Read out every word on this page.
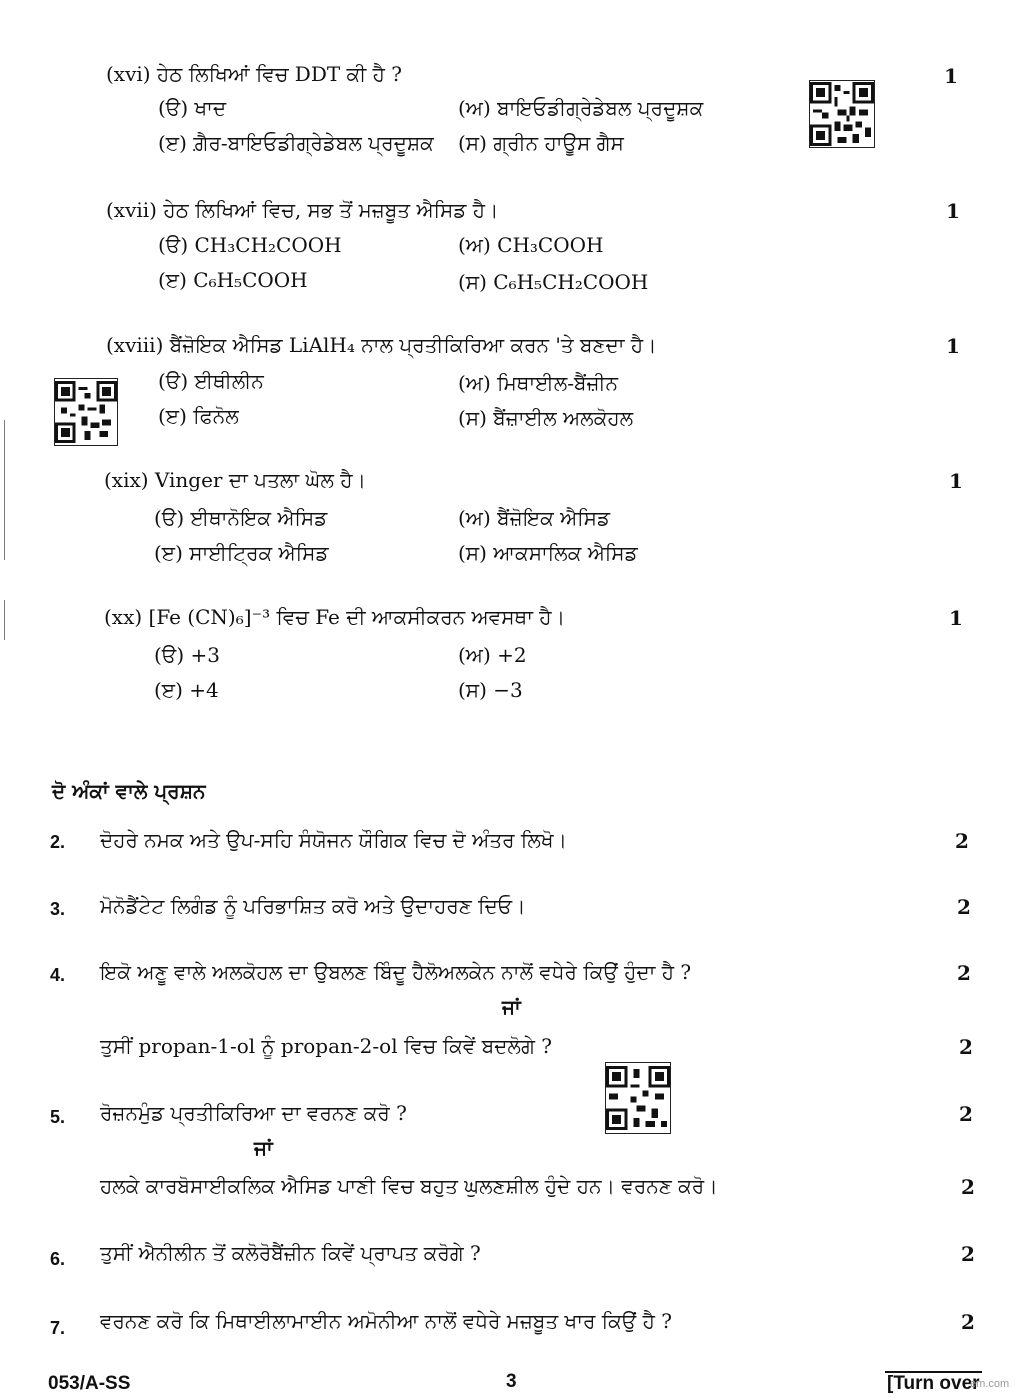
(xvi) ਹੇਠ ਲਿਖਿਆਂ ਵਿਚ DDT ਕੀ ਹੈ ?	1
(ੳ) ਖਾਦ	(ਅ) ਬਾਇਓਡੀਗ੍ਰੇਡੇਬਲ ਪ੍ਰਦੂਸ਼ਕ
(ੲ) ਗ਼ੈਰ-ਬਾਇਓਡੀਗ੍ਰੇਡੇਬਲ ਪ੍ਰਦੂਸ਼ਕ (ਸ) ਗ੍ਰੀਨ ਹਾਊਸ ਗੈਸ
(xvii) ਹੇਠ ਲਿਖਿਆਂ ਵਿਚ, ਸਭ ਤੋਂ ਮਜ਼ਬੂਤ ਐਸਿਡ ਹੈ।	1
(ੳ) CH₃CH₂COOH	(ਅ) CH₃COOH
(ੲ) C₆H₅COOH	(ਸ) C₆H₅CH₂COOH
(xviii) ਬੈਂਜ਼ੋਇਕ ਐਸਿਡ LiAlH₄ ਨਾਲ ਪ੍ਰਤੀਕਿਰਿਆ ਕਰਨ 'ਤੇ ਬਣਦਾ ਹੈ।	1
(ੳ) ਈਥੀਲੀਨ	(ਅ) ਮਿਥਾਈਲ-ਬੈਂਜ਼ੀਨ
(ੲ) ਫਿਨੋਲ	(ਸ) ਬੈਂਜ਼ਾਈਲ ਅਲਕੋਹਲ
(xix) Vinger ਦਾ ਪਤਲਾ ਘੋਲ ਹੈ।	1
(ੳ) ਈਥਾਨੋਇਕ ਐਸਿਡ	(ਅ) ਬੈਂਜ਼ੋਇਕ ਐਸਿਡ
(ੲ) ਸਾਈਟ੍ਰਿਕ ਐਸਿਡ	(ਸ) ਆਕਸਾਲਿਕ ਐਸਿਡ
(xx) [Fe (CN)₆]⁻³ ਵਿਚ Fe ਦੀ ਆਕਸੀਕਰਨ ਅਵਸਥਾ ਹੈ।	1
(ੳ) +3	(ਅ) +2
(ੲ) +4	(ਸ) −3
ਦੋ ਅੰਕਾਂ ਵਾਲੇ ਪ੍ਰਸ਼ਨ
2. ਦੋਹਰੇ ਨਮਕ ਅਤੇ ਉਪ-ਸਹਿ ਸੰਯੋਜਨ ਯੌਗਿਕ ਵਿਚ ਦੋ ਅੰਤਰ ਲਿਖੋ।	2
3. ਮੋਨੋਡੈਂਟੇਟ ਲਿਗੰਡ ਨੂੰ ਪਰਿਭਾਸ਼ਿਤ ਕਰੋ ਅਤੇ ਉਦਾਹਰਣ ਦਿਓ।	2
4. ਇਕੋ ਅਣੂ ਵਾਲੇ ਅਲਕੋਹਲ ਦਾ ਉਬਲਣ ਬਿੰਦੂ ਹੈਲੋਅਲਕੇਨ ਨਾਲੋਂ ਵਧੇਰੇ ਕਿਉਂ ਹੁੰਦਾ ਹੈ ?	2
ਜਾਂ
ਤੁਸੀਂ propan-1-ol ਨੂੰ propan-2-ol ਵਿਚ ਕਿਵੇਂ ਬਦਲੋਗੇ ?	2
5. ਰੋਜ਼ਨਮੁੰਡ ਪ੍ਰਤੀਕਿਰਿਆ ਦਾ ਵਰਨਣ ਕਰੋ ?	2
ਜਾਂ
ਹਲਕੇ ਕਾਰਬੋਸਾਈਕਲਿਕ ਐਸਿਡ ਪਾਣੀ ਵਿਚ ਬਹੁਤ ਘੁਲਣਸ਼ੀਲ ਹੁੰਦੇ ਹਨ। ਵਰਨਣ ਕਰੋ।	2
6. ਤੁਸੀਂ ਐਨੀਲੀਨ ਤੋਂ ਕਲੋਰੋਬੈਂਜ਼ੀਨ ਕਿਵੇਂ ਪ੍ਰਾਪਤ ਕਰੋਗੇ ?	2
7. ਵਰਨਣ ਕਰੋ ਕਿ ਮਿਥਾਈਲਾਮਾਈਨ ਅਮੋਨੀਆ ਨਾਲੋਂ ਵਧੇਰੇ ਮਜ਼ਬੂਤ ਖਾਰ ਕਿਉਂ ਹੈ ?	2
053/A-SS	3	[Turn over
em.com
